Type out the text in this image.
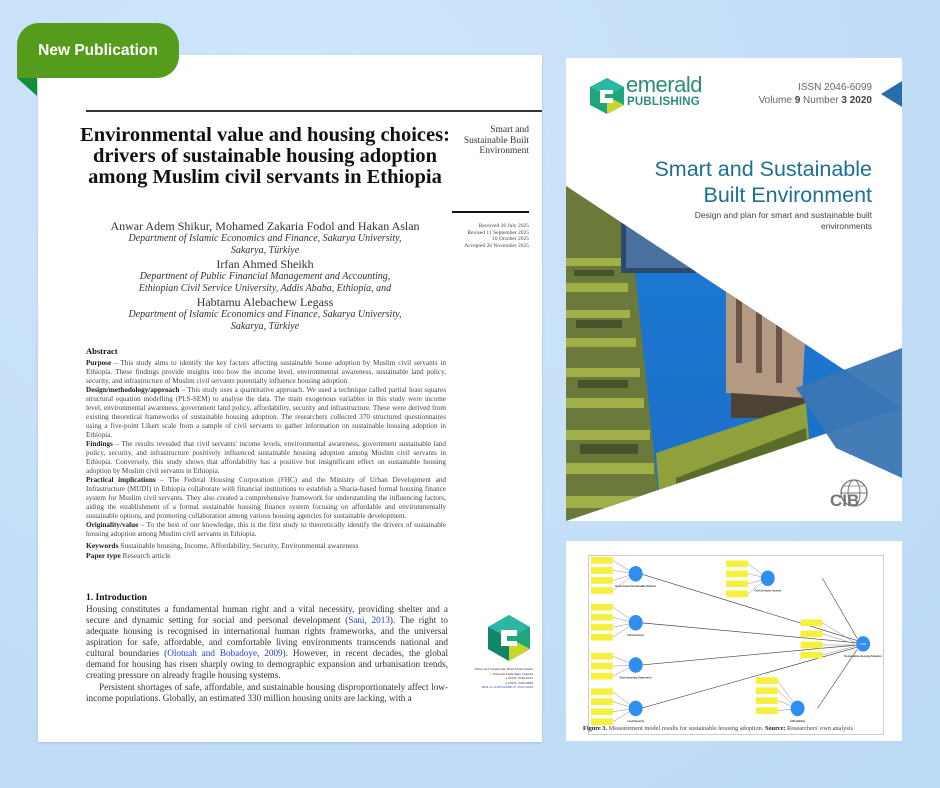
New Publication
Environmental value and housing choices: drivers of sustainable housing adoption among Muslim civil servants in Ethiopia
Smart and Sustainable Built Environment
Received 26 July 2025
Revised 11 September 2025
10 October 2025
Accepted 26 November 2025
Anwar Adem Shikur, Mohamed Zakaria Fodol and Hakan Aslan
Department of Islamic Economics and Finance, Sakarya University, Sakarya, Türkiye
Irfan Ahmed Sheikh
Department of Public Financial Management and Accounting, Ethiopian Civil Service University, Addis Ababa, Ethiopia, and
Habtamu Alebachew Legass
Department of Islamic Economics and Finance, Sakarya University, Sakarya, Türkiye
Abstract

Purpose – This study aims to identify the key factors affecting sustainable house adoption by Muslim civil servants in Ethiopia. These findings provide insights into how the income level, environmental awareness, sustainable land policy, security, and infrastructure of Muslim civil servants potentially influence housing adoption.

Design/methodology/approach – This study uses a quantitative approach. We used a technique called partial least squares structural equation modelling (PLS-SEM) to analyse the data. The main exogenous variables in this study were income level, environmental awareness, government land policy, affordability, security and infrastructure. These were derived from existing theoretical frameworks of sustainable housing adoption. The researchers collected 370 structured questionnaires using a five-point Likert scale from a sample of civil servants to gather information on sustainable housing adoption in Ethiopia.

Findings – The results revealed that civil servants' income levels, environmental awareness, government sustainable land policy, security, and infrastructure positively influenced sustainable housing adoption among Muslim civil servants in Ethiopia. Conversely, this study shows that affordability has a positive but insignificant effect on sustainable housing adoption by Muslim civil servants in Ethiopia.

Practical implications – The Federal Housing Corporation (FHC) and the Ministry of Urban Development and Infrastructure (MUDI) in Ethiopia collaborate with financial institutions to establish a Sharia-based formal housing finance system for Muslim civil servants. They also created a comprehensive framework for understanding the influencing factors, aiding the establishment of a formal sustainable housing finance system focusing on affordable and environmentally sustainable options, and promoting collaboration among various housing agencies for sustainable development.

Originality/value – To the best of our knowledge, this is the first study to theoretically identify the drivers of sustainable housing adoption among Muslim civil servants in Ethiopia.

Keywords Sustainable housing, Income, Affordability, Security, Environmental awareness

Paper type Research article

1. Introduction

Housing constitutes a fundamental human right and a vital necessity, providing shelter and a secure and dynamic setting for social and personal development (Sani, 2013). The right to adequate housing is recognised in international human rights frameworks, and the universal aspiration for safe, affordable, and comfortable living environments transcends national and cultural boundaries (Olotuah and Bobadoye, 2009). However, in recent decades, the global demand for housing has risen sharply owing to demographic expansion and urbanisation trends, creating pressure on already fragile housing systems.

Persistent shortages of safe, affordable, and sustainable housing disproportionately affect low-income populations. Globally, an estimated 330 million housing units are lacking, with a

Smart and Sustainable Built Environment
© Emerald Publishing Limited
e-ISSN: 2046-6102
p-ISSN: 2046-6099
DOI 10.1108/SASBE-07-2025-0420
emerald
PUBLISHING
ISSN 2046-6099
Volume 9 Number 3 2020
Smart and Sustainable
Built Environment
Design and plan for smart and sustainable built environments
CIB
Government Sustainable Policies
Infrastructure
Environmental Awareness
Land Security
Civil Servants Income
Affordability
Sustainable Housing Adoption
0.591
Figure 3. Measurement model results for sustainable housing adoption. Source: Researchers' own analysis
